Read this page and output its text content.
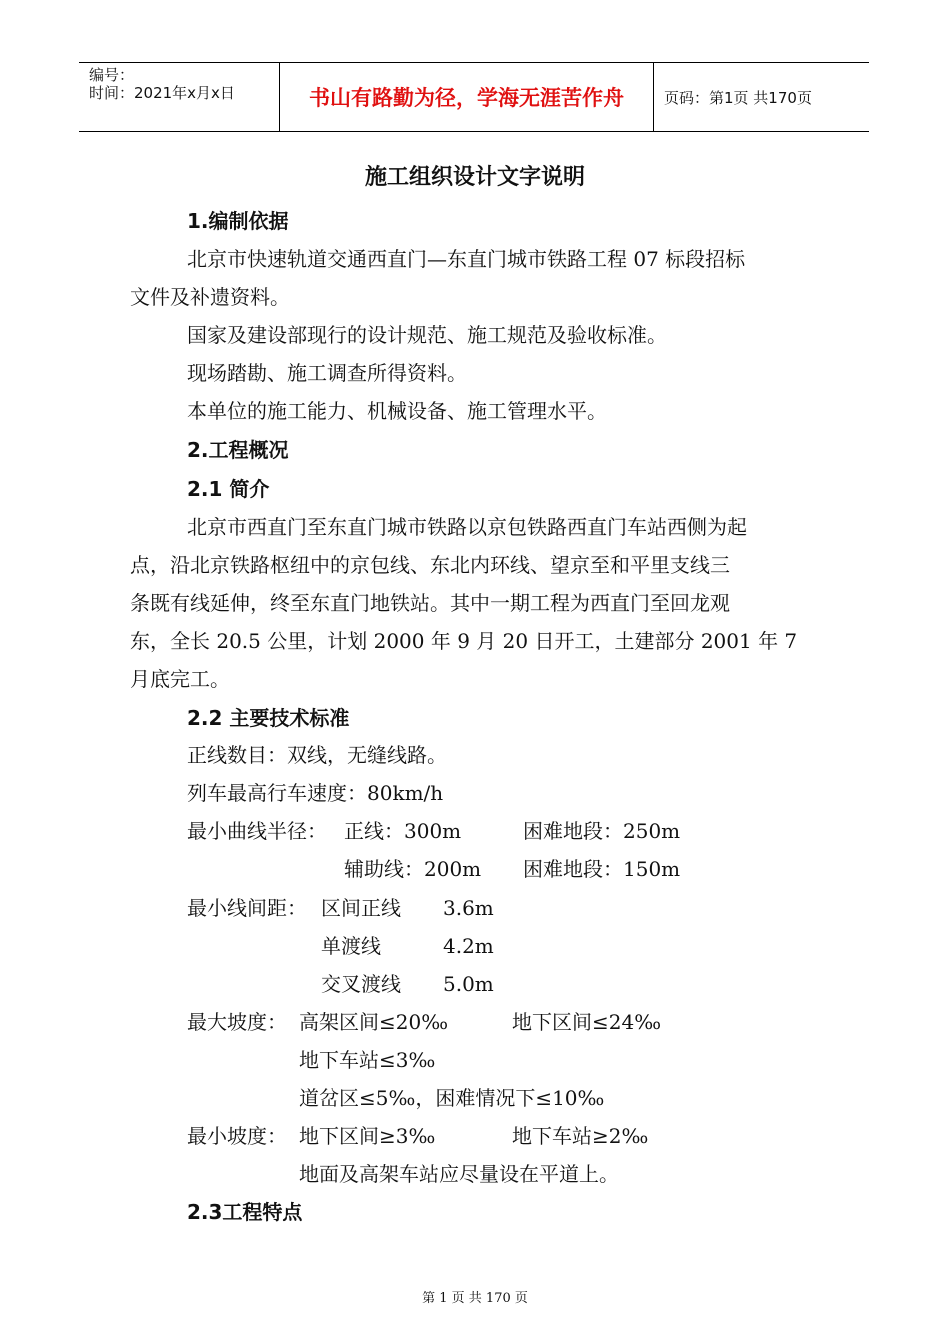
编号：
时间：2021年x月x日	书山有路勤为径，学海无涯苦作舟	页码：第1页 共170页
施工组织设计文字说明
1.编制依据
北京市快速轨道交通西直门—东直门城市铁路工程 07 标段招标
文件及补遗资料。
国家及建设部现行的设计规范、施工规范及验收标准。
现场踏勘、施工调查所得资料。
本单位的施工能力、机械设备、施工管理水平。
2.工程概况
2.1 简介
北京市西直门至东直门城市铁路以京包铁路西直门车站西侧为起
点，沿北京铁路枢纽中的京包线、东北内环线、望京至和平里支线三
条既有线延伸，终至东直门地铁站。其中一期工程为西直门至回龙观
东，全长 20.5 公里，计划 2000 年 9 月 20 日开工，土建部分 2001 年 7
月底完工。
2.2 主要技术标准
正线数目：双线，无缝线路。
列车最高行车速度：80km/h
最小曲线半径： 正线：300m	困难地段：250m
辅助线：200m 困难地段：150m
最小线间距： 区间正线 3.6m
单渡线	4.2m
交叉渡线 5.0m
最大坡度： 高架区间≤20‰	地下区间≤24‰
地下车站≤3‰
道岔区≤5‰，困难情况下≤10‰
最小坡度： 地下区间≥3‰	地下车站≥2‰
地面及高架车站应尽量设在平道上。
2.3工程特点
第 1 页 共 170 页
